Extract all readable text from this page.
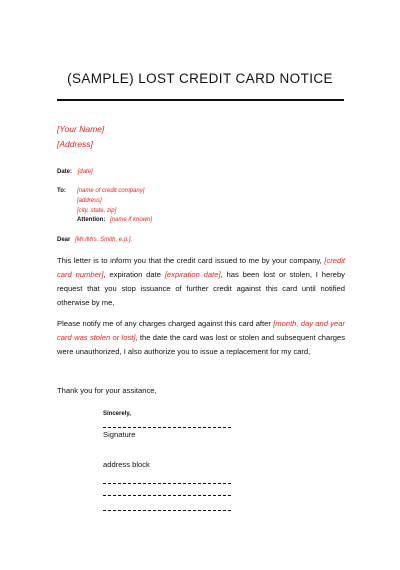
(SAMPLE) LOST CREDIT CARD NOTICE
[Your Name]
[Address]
Date: [date]
To: [name of credit company]
[address]
[city, state, zip]
Attention: [name if known]
Dear [Mr./Mrs. Smith, e.p.],
This letter is to inform you that the credit card issued to me by your company, [credit card number], expiration date [expiration date], has been lost or stolen, I hereby request that you stop issuance of further credit against this card until notified otherwise by me,
Please notify me of any charges charged against this card after [month, day and year card was stolen or lost], the date the card was lost or stolen and subsequent charges were unauthorized, I also authorize you to issue a replacement for my card,
Thank you for your assitance,
Sincerely,
Signature
address block
